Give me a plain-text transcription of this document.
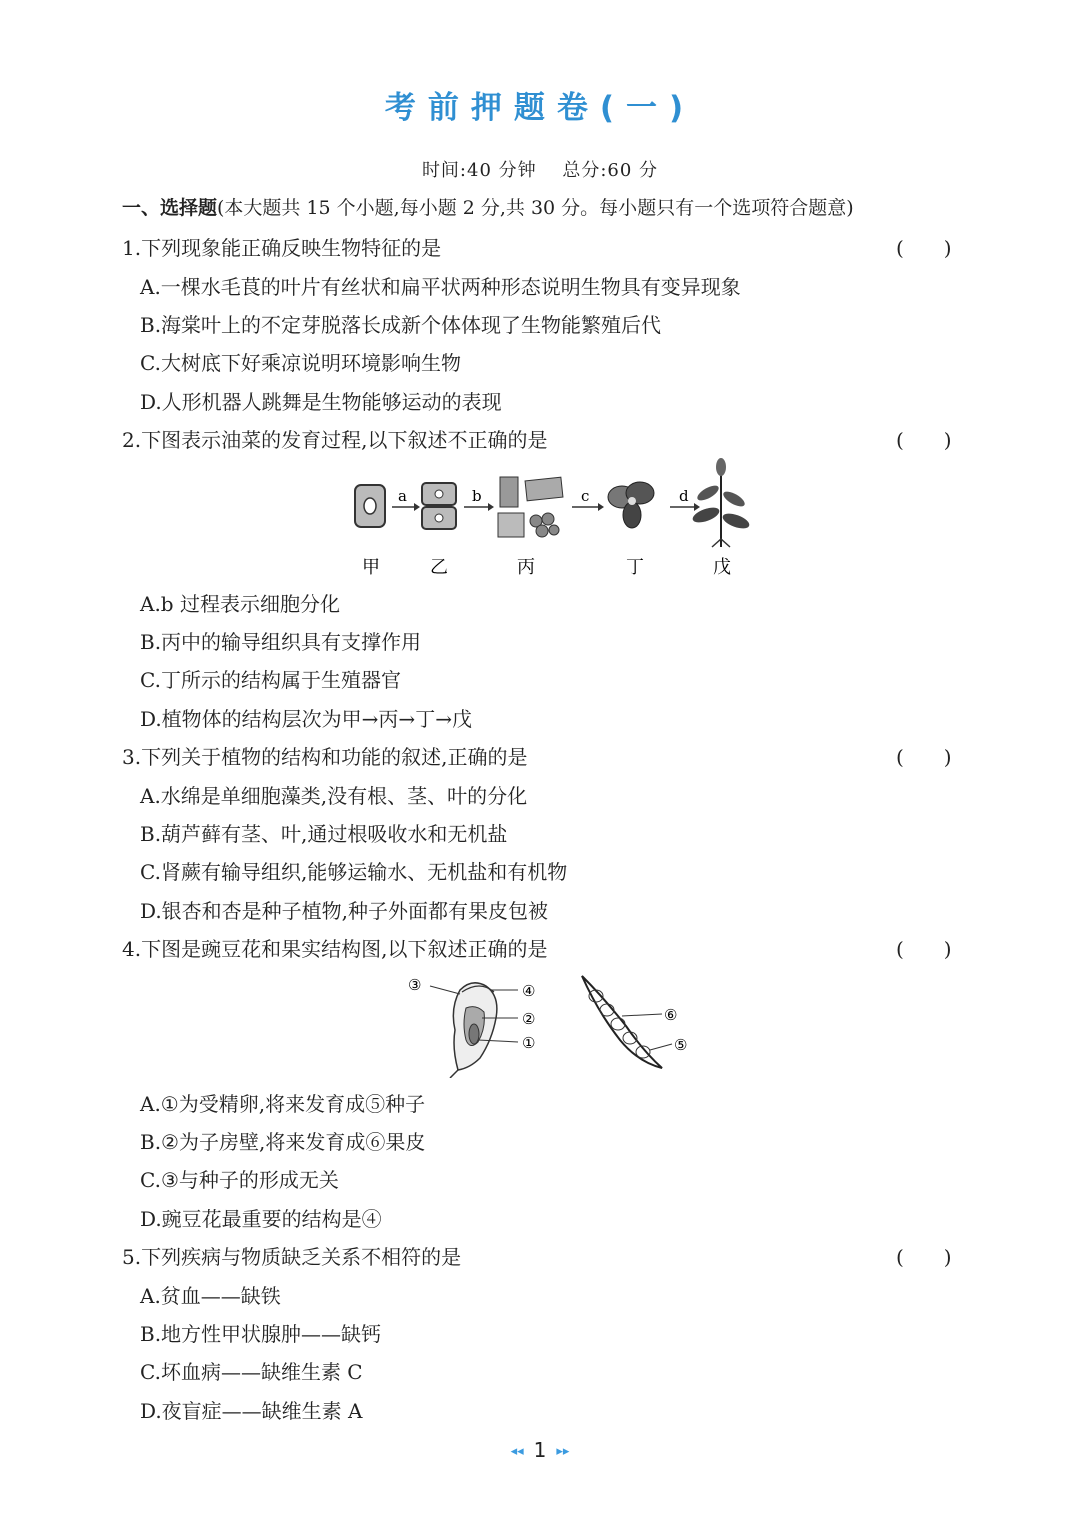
考前押题卷(一)
时间:40 分钟　 总分:60 分
一、选择题(本大题共 15 个小题,每小题 2 分,共 30 分。每小题只有一个选项符合题意)
1.下列现象能正确反映生物特征的是	(　　)
A.一棵水毛茛的叶片有丝状和扁平状两种形态说明生物具有变异现象
B.海棠叶上的不定芽脱落长成新个体体现了生物能繁殖后代
C.大树底下好乘凉说明环境影响生物
D.人形机器人跳舞是生物能够运动的表现
2.下图表示油菜的发育过程,以下叙述不正确的是	(　　)
a	b	c	d
甲	乙	丙	丁	戊
A.b 过程表示细胞分化
B.丙中的输导组织具有支撑作用
C.丁所示的结构属于生殖器官
D.植物体的结构层次为甲→丙→丁→戊
3.下列关于植物的结构和功能的叙述,正确的是	(　　)
A.水绵是单细胞藻类,没有根、茎、叶的分化
B.葫芦藓有茎、叶,通过根吸收水和无机盐
C.肾蕨有输导组织,能够运输水、无机盐和有机物
D.银杏和杏是种子植物,种子外面都有果皮包被
4.下图是豌豆花和果实结构图,以下叙述正确的是	(　　)
③	④
②
①
⑥
⑤
A.①为受精卵,将来发育成⑤种子
B.②为子房壁,将来发育成⑥果皮
C.③与种子的形成无关
D.豌豆花最重要的结构是④
5.下列疾病与物质缺乏关系不相符的是	(　　)
A.贫血——缺铁
B.地方性甲状腺肿——缺钙
C.坏血病——缺维生素 C
D.夜盲症——缺维生素 A
◂◂ 1 ▸▸
